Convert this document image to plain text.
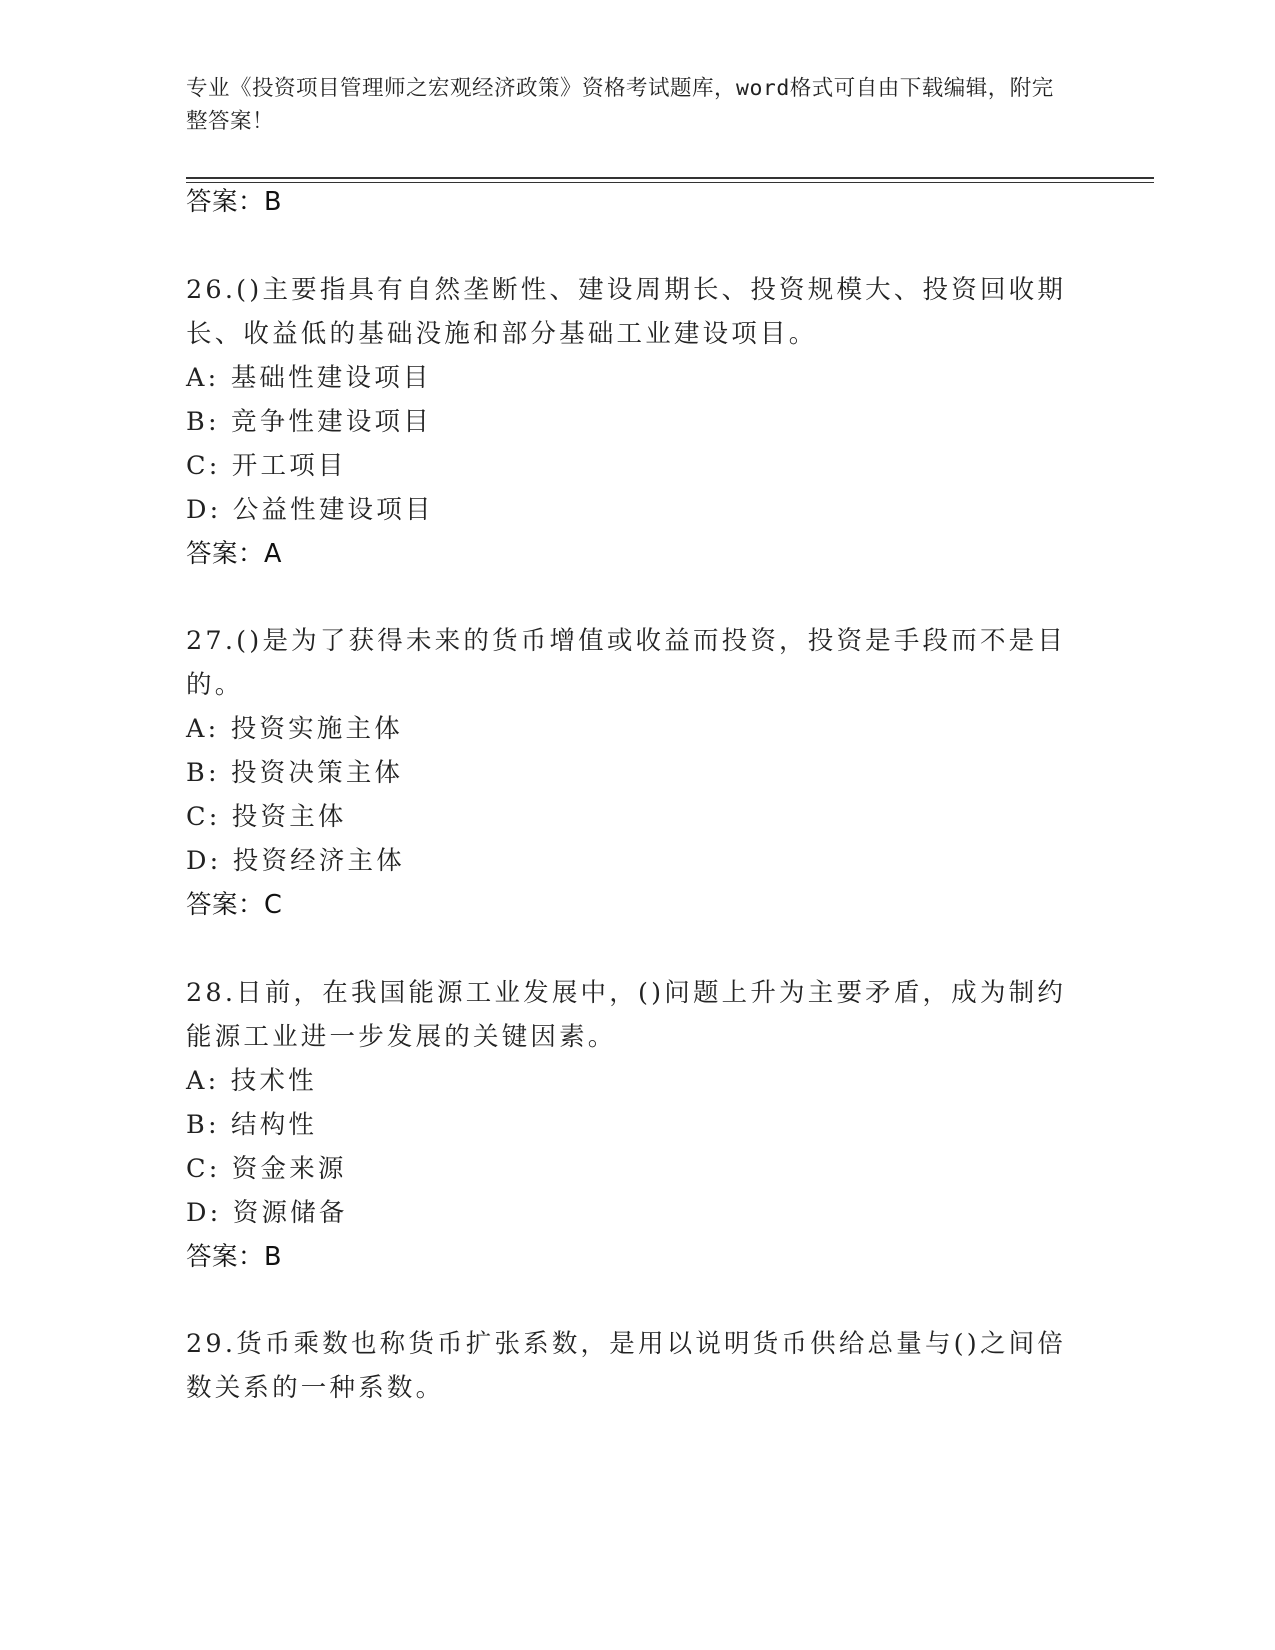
专业《投资项目管理师之宏观经济政策》资格考试题库，word格式可自由下载编辑，附完整答案！
答案：B
26.()主要指具有自然垄断性、建设周期长、投资规模大、投资回收期
长、收益低的基础没施和部分基础工业建设项目。
A: 基础性建设项目
B: 竞争性建设项目
C: 开工项目
D: 公益性建设项目
答案：A
27.()是为了获得未来的货币增值或收益而投资，投资是手段而不是目
的。
A: 投资实施主体
B: 投资决策主体
C: 投资主体
D: 投资经济主体
答案：C
28.日前，在我国能源工业发展中，()问题上升为主要矛盾，成为制约
能源工业进一步发展的关键因素。
A: 技术性
B: 结构性
C: 资金来源
D: 资源储备
答案：B
29.货币乘数也称货币扩张系数，是用以说明货币供给总量与()之间倍
数关系的一种系数。
